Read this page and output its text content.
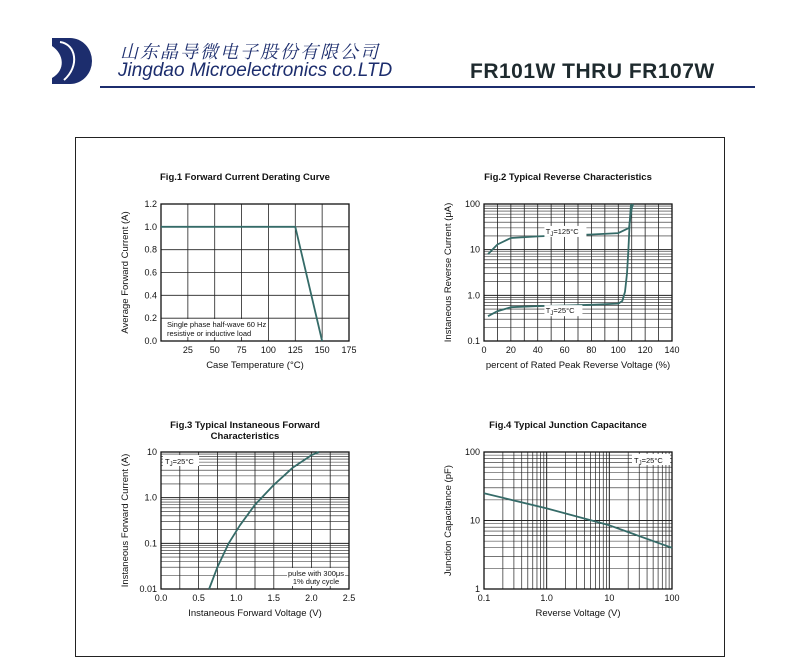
山东晶导微电子股份有限公司
Jingdao Microelectronics co.LTD	FR101W THRU FR107W
Fig.1 Forward Current Derating Curve
25 50 75 100 125 150 175
0.0
0.2
0.4
0.6
0.8
1.0
1.2
Case Temperature (°C)
Average Forward Current (A)	Single phase half-wave 60 Hz
resistive or inductive load
Fig.2 Typical Reverse Characteristics
0 20 40 60 80 100 120 140
0.1
1.0
10
100
percent of Rated Peak Reverse Voltage (%)
Instaneous Reverse Current (μA)	$T_J=125^\circ C$
$T_J=25^\circ C$
Fig.3 Typical Instaneous Forward
Characteristics
0.0	0.5	1.0	1.5	2.0	2.5
0.01
0.1
1.0
10
Instaneous Forward Voltage (V)
Instaneous Forward Current (A)	$T_J=25^\circ C$
pulse with 300μs
1% duty cycle
Fig.4 Typical Junction Capacitance
0.1	1.0	10	100
1
10
100
Reverse Voltage (V)
Junction Capacitance (pF)
$T_J=25^\circ C$
